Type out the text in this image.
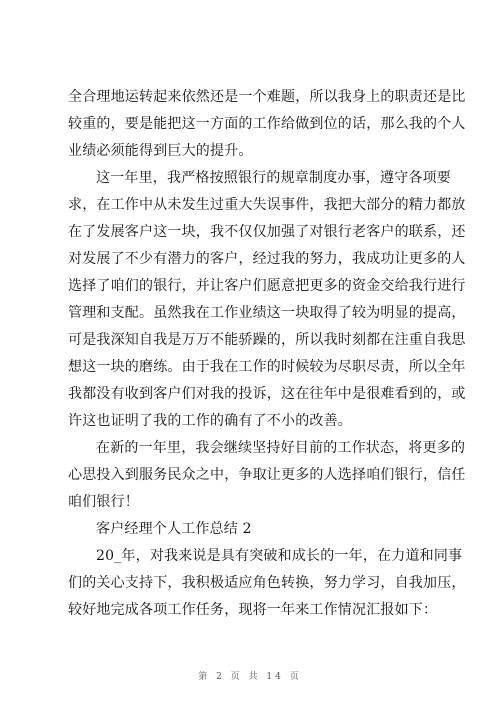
全合理地运转起来依然还是一个难题，所以我身上的职责还是比
较重的，要是能把这一方面的工作给做到位的话，那么我的个人
业绩必须能得到巨大的提升。
这一年里，我严格按照银行的规章制度办事，遵守各项要
求，在工作中从未发生过重大失误事件，我把大部分的精力都放
在了发展客户这一块，我不仅仅加强了对银行老客户的联系，还
对发展了不少有潜力的客户，经过我的努力，我成功让更多的人
选择了咱们的银行，并让客户们愿意把更多的资金交给我行进行
管理和支配。虽然我在工作业绩这一块取得了较为明显的提高，
可是我深知自我是万万不能骄躁的，所以我时刻都在注重自我思
想这一块的磨练。由于我在工作的时候较为尽职尽责，所以全年
我都没有收到客户们对我的投诉，这在往年中是很难看到的，或
许这也证明了我的工作的确有了不小的改善。
在新的一年里，我会继续坚持好目前的工作状态，将更多的
心思投入到服务民众之中，争取让更多的人选择咱们银行，信任
咱们银行！
客户经理个人工作总结 2
20_年，对我来说是具有突破和成长的一年，在力道和同事
们的关心支持下，我积极适应角色转换，努力学习，自我加压，
较好地完成各项工作任务，现将一年来工作情况汇报如下：
第 2 页 共 14 页
